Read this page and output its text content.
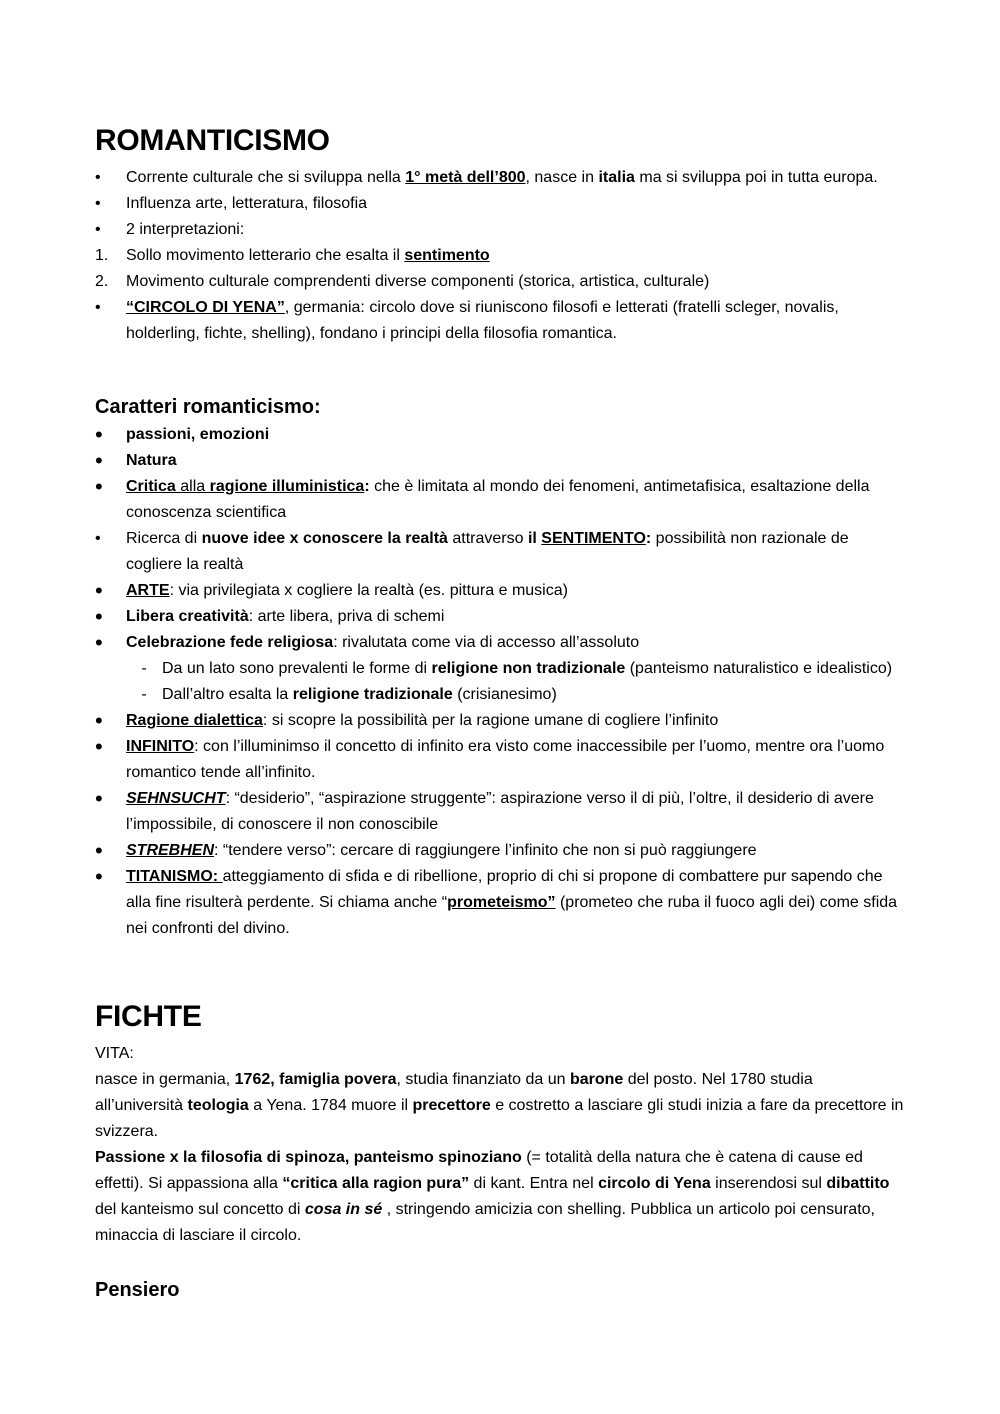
ROMANTICISMO
•	Corrente culturale che si sviluppa nella 1° metà dell’800, nasce in italia ma si sviluppa poi in tutta europa.
•	Influenza arte, letteratura, filosofia
•	2 interpretazioni:
1.	Sollo movimento letterario che esalta il sentimento
2.	Movimento culturale comprendenti diverse componenti (storica, artistica, culturale)
•	“CIRCOLO DI YENA”, germania: circolo dove si riuniscono filosofi e letterati (fratelli scleger, novalis, holderling, fichte, shelling), fondano i principi della filosofia romantica.
Caratteri romanticismo:
•	passioni, emozioni
•	Natura
•	Critica alla ragione illuministica: che è limitata al mondo dei fenomeni, antimetafisica, esaltazione della conoscenza scientifica
•	Ricerca di nuove idee x conoscere la realtà attraverso il SENTIMENTO: possibilità non razionale de cogliere la realtà
•	ARTE: via privilegiata x cogliere la realtà (es. pittura e musica)
•	Libera creatività: arte libera, priva di schemi
•	Celebrazione fede religiosa: rivalutata come via di accesso all’assoluto
- Da un lato sono prevalenti le forme di religione non tradizionale (panteismo naturalistico e idealistico)
- Dall’altro esalta la religione tradizionale (crisianesimo)
•	Ragione dialettica: si scopre la possibilità per la ragione umane di cogliere l’infinito
•	INFINITO: con l’illuminimso il concetto di infinito era visto come inaccessibile per l’uomo, mentre ora l’uomo romantico tende all’infinito.
•	SEHNSUCHT: “desiderio”, “aspirazione struggente”: aspirazione verso il di più, l’oltre, il desiderio di avere l’impossibile, di conoscere il non conoscibile
•	STREBHEN: “tendere verso”: cercare di raggiungere l’infinito che non si può raggiungere
•	TITANISMO: atteggiamento di sfida e di ribellione, proprio di chi si propone di combattere pur sapendo che alla fine risulterà perdente. Si chiama anche “prometeismo” (prometeo che ruba il fuoco agli dei) come sfida nei confronti del divino.
FICHTE

VITA:

nasce in germania, 1762, famiglia povera, studia finanziato da un barone del posto. Nel 1780 studia all’università teologia a Yena. 1784 muore il precettore e costretto a lasciare gli studi inizia a fare da precettore in svizzera.

Passione x la filosofia di spinoza, panteismo spinoziano (= totalità della natura che è catena di cause ed effetti). Si appassiona alla “critica alla ragion pura” di kant. Entra nel circolo di Yena inserendosi sul dibattito del kanteismo sul concetto di cosa in sé , stringendo amicizia con shelling. Pubblica un articolo poi censurato, minaccia di lasciare il circolo.

Pensiero
